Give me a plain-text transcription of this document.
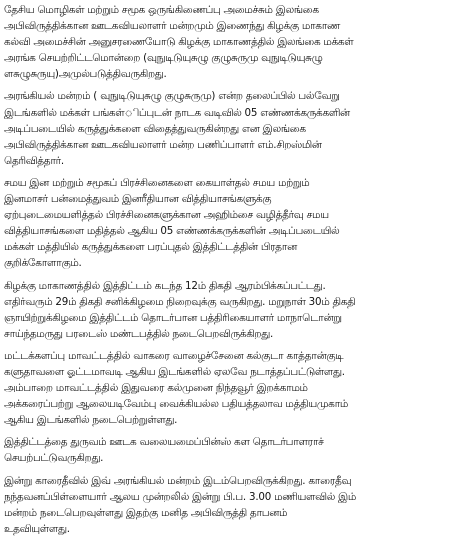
தேசிய மொழிகள் மற்றும் சமூக ஒருங்கிணைப்பு அமைச்சும் இலங்கை
அபிவிருத்திக்கான ஊடகவியலாளர் மன்றமும் இணைந்து கிழக்கு மாகாண
கல்வி அமைச்சின் அனுசரணையோடு கிழக்கு மாகாணத்தில் இலங்கை மக்கள்
அரங்க செயற்றிட்டமொன்றை (வுநுடிடுயுசுழு குழுசுருமு வுநுடிடுயுசுழு
ளசுழுசுருயு)அமுல்படுத்திவருகிறது.
அரங்கியல் மன்றம் ( வுநுடிடுயுசுழு குழுசுருமு) என்ற தலைப்பில் பல்வேறு
இடங்களில் மக்கள் பங்கள்ிப்புடன் நாடக வடிவில் 05 எண்ணக்கருக்களின்
அடிப்படையில் கருத்துக்களை விதைத்துவருகின்றது என இலங்கை
அபிவிருத்திக்கான ஊடகவியலாளர் மன்ற பணிப்பாளர் எம்.சிறஸ்மின்
தெரிவித்தார்.
சமய இன மற்றும் சமூகப் பிரச்சினைகளை கையாள்தல் சமய மற்றும்
இனமாசர் பன்மைத்துவம் இனரீதியான வித்தியாசங்களுக்கு
ஏற்புடைமையளித்தல் பிரச்சினைகளுக்கான அஹிம்சை வழித்தீர்வு சமய
வித்தியாசங்களை மதித்தல் ஆகிய 05 எண்ணக்கருக்களின் அடிப்படையில்
மக்கள் மத்தியில் கருத்துக்களை பரப்புதல் இத்திட்டத்தின் பிரதான
குறிக்கோளாகும்.
கிழக்கு மாகாணத்தில் இத்திட்டம் கடந்த 12ம் திகதி ஆரம்பிக்கப்பட்டது.
எதிர்வரும் 29ம் திகதி சனிக்கிழமை நிறைவுக்கு வருகிறது. மறுநாள் 30ம் திகதி
ஞாயிற்றுக்கிழமை இத்திட்டம் தொடர்பான பத்திரிகையாளர் மாநாடொன்று
சாய்ந்தமருது பரடைஸ் மண்டபத்தில் நடைபெறவிருக்கிறது.
மட்டக்களப்பு மாவட்டத்தில் வாகரை வாழைச்சேனை கல்குடா காத்தான்குடி
களுதாவளை ஓட்டமாவடி ஆகிய இடங்களில் ஏலவே நடாத்தப்பட்டுள்ளது.
அம்பாறை மாவட்டத்தில் இதுவரை கல்முனை நிந்தவூர் இறக்காமம்
அக்கரைப்பற்று ஆலையடிவேம்பு வைக்கியல்ல பதியத்தலாவ மத்தியமுகாம்
ஆகிய இடங்களில் நடைபெற்றுள்ளது.
இத்திட்டத்தை துருவம் ஊடக வலையமைப்பின்ஸ் கள தொடர்பாளராச்
செயற்பட்டுவருகிறது.
இன்று காரைதீவில் இவ் அரங்கியல் மன்றம் இடம்பெறவிருக்கிறது. காரைதீவு
நந்தவனப்பிள்ளையார் ஆலய முன்றலில் இன்று பி.ப. 3.00 மணியளவில் இம்
மன்றம் நடைபெறவுள்ளது இதற்கு மனித அபிவிருத்தி தாபனம்
உதவியுள்ளது.
